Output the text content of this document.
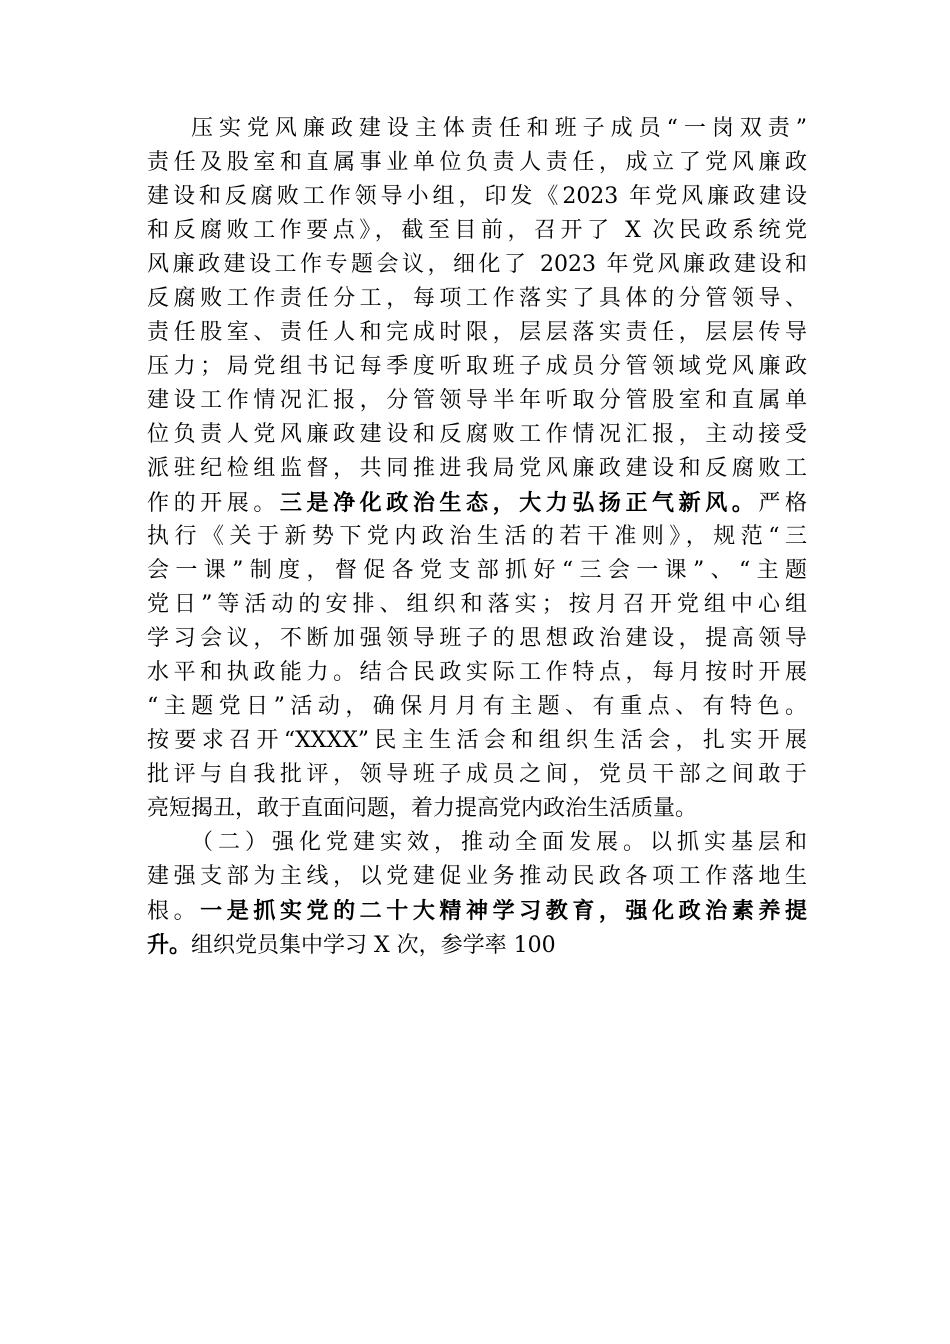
压实党风廉政建设主体责任和班子成员“一岗双责”
责任及股室和直属事业单位负责人责任，成立了党风廉政
建设和反腐败工作领导小组，印发《2023 年党风廉政建设
和反腐败工作要点》，截至目前，召开了 X 次民政系统党
风廉政建设工作专题会议，细化了 2023 年党风廉政建设和
反腐败工作责任分工，每项工作落实了具体的分管领导、
责任股室、责任人和完成时限，层层落实责任，层层传导
压力；局党组书记每季度听取班子成员分管领域党风廉政
建设工作情况汇报，分管领导半年听取分管股室和直属单
位负责人党风廉政建设和反腐败工作情况汇报，主动接受
派驻纪检组监督，共同推进我局党风廉政建设和反腐败工
作的开展。三是净化政治生态，大力弘扬正气新风。严格
执行《关于新势下党内政治生活的若干准则》，规范“三
会一课”制度，督促各党支部抓好“三会一课”、“主题
党日”等活动的安排、组织和落实；按月召开党组中心组
学习会议，不断加强领导班子的思想政治建设，提高领导
水平和执政能力。结合民政实际工作特点，每月按时开展
“主题党日”活动，确保月月有主题、有重点、有特色。
按要求召开“XXXX”民主生活会和组织生活会，扎实开展
批评与自我批评，领导班子成员之间，党员干部之间敢于
亮短揭丑，敢于直面问题，着力提高党内政治生活质量。
（二）强化党建实效，推动全面发展。以抓实基层和
建强支部为主线，以党建促业务推动民政各项工作落地生
根。一是抓实党的二十大精神学习教育，强化政治素养提
升。组织党员集中学习 X 次，参学率 100
